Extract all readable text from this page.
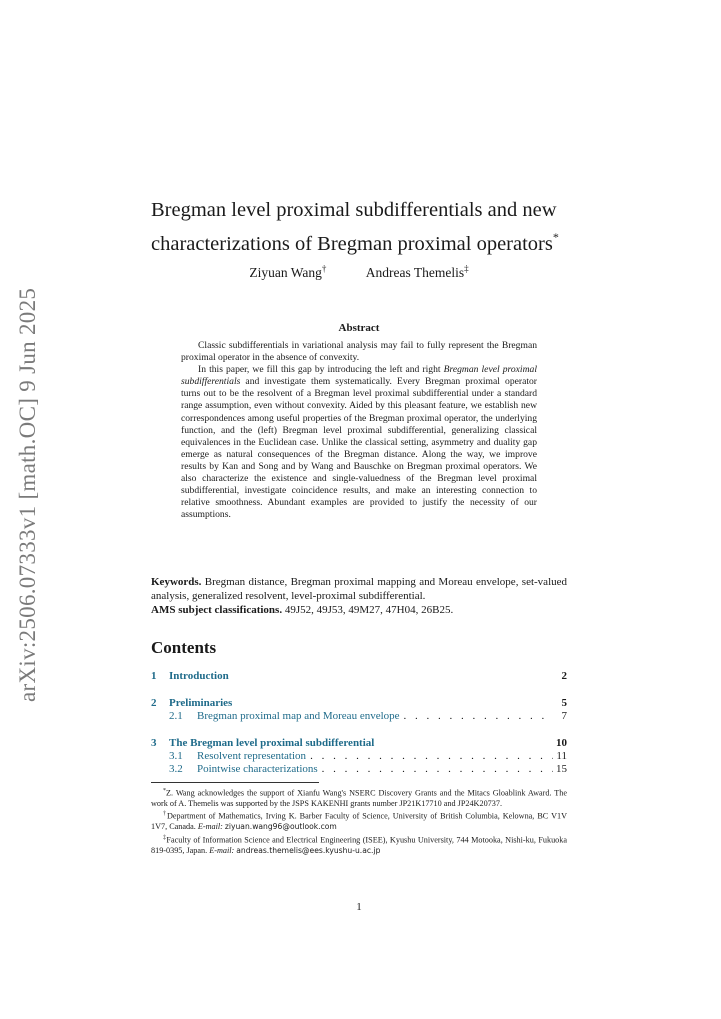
arXiv:2506.07333v1 [math.OC] 9 Jun 2025
Bregman level proximal subdifferentials and new
characterizations of Bregman proximal operators*
Ziyuan Wang†	Andreas Themelis‡
Abstract

Classic subdifferentials in variational analysis may fail to fully represent the Bregman proximal operator in the absence of convexity.

In this paper, we fill this gap by introducing the left and right Bregman level proximal subdifferentials and investigate them systematically. Every Bregman proximal operator turns out to be the resolvent of a Bregman level proximal subdifferential under a standard range assumption, even without convexity. Aided by this pleasant feature, we establish new correspondences among useful properties of the Bregman proximal operator, the underlying function, and the (left) Bregman level proximal subdifferential, generalizing classical equivalences in the Euclidean case. Unlike the classical setting, asymmetry and duality gap emerge as natural consequences of the Bregman distance. Along the way, we improve results by Kan and Song and by Wang and Bauschke on Bregman proximal operators. We also characterize the existence and single-valuedness of the Bregman level proximal subdifferential, investigate coincidence results, and make an interesting connection to relative smoothness. Abundant examples are provided to justify the necessity of our assumptions.

Keywords. Bregman distance, Bregman proximal mapping and Moreau envelope, set-valued analysis, generalized resolvent, level-proximal subdifferential.
AMS subject classifications. 49J52, 49J53, 49M27, 47H04, 26B25.
Contents
1	Introduction	2
2	Preliminaries	5
2.1	Bregman proximal map and Moreau envelope . . .	7
3	The Bregman level proximal subdifferential	10
3.1	Resolvent representation . . .	11
3.2	Pointwise characterizations . . .	15

*Z. Wang acknowledges the support of Xianfu Wang's NSERC Discovery Grants and the Mitacs Gloablink Award. The work of A. Themelis was supported by the JSPS KAKENHI grants number JP21K17710 and JP24K20737.

†Department of Mathematics, Irving K. Barber Faculty of Science, University of British Columbia, Kelowna, BC V1V 1V7, Canada. E-mail: ziyuan.wang96@outlook.com

‡Faculty of Information Science and Electrical Engineering (ISEE), Kyushu University, 744 Motooka, Nishi-ku, Fukuoka 819-0395, Japan. E-mail: andreas.themelis@ees.kyushu-u.ac.jp

1
